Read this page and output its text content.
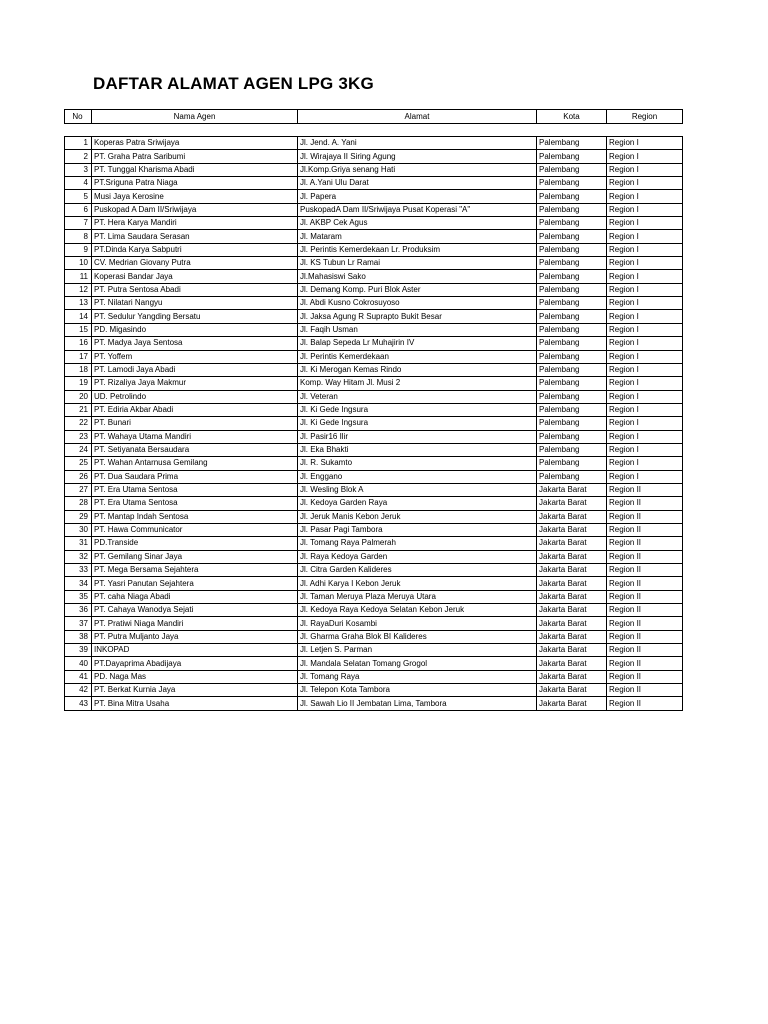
DAFTAR ALAMAT AGEN LPG 3KG
No	Nama Agen	Alamat	Kota	Region
1	Koperas Patra Sriwijaya	Jl. Jend. A. Yani	Palembang	Region I
2	PT. Graha Patra Saribumi	Jl. Wirajaya II Siring Agung	Palembang	Region I
3	PT. Tunggal Kharisma Abadi	Jl.Komp.Griya senang Hati	Palembang	Region I
4	PT.Sriguna Patra Niaga	Jl. A.Yani Ulu Darat	Palembang	Region I
5	Musi Jaya Kerosine	Jl. Papera	Palembang	Region I
6	Puskopad A Dam II/Sriwijaya	PuskopadA Dam II/Sriwijaya Pusat Koperasi "A"	Palembang	Region I
7	PT. Hera Karya Mandiri	Jl. AKBP Cek Agus	Palembang	Region I
8	PT. Lima Saudara Serasan	Jl. Mataram	Palembang	Region I
9	PT.Dinda Karya Sabputri	Jl. Perintis Kemerdekaan Lr. Produksim	Palembang	Region I
10	CV. Medrian Giovany Putra	Jl. KS Tubun Lr Ramai	Palembang	Region I
11	Koperasi Bandar Jaya	Jl.Mahasiswi Sako	Palembang	Region I
12	PT. Putra Sentosa Abadi	Jl. Demang Komp. Puri Blok Aster	Palembang	Region I
13	PT. Nilatari Nangyu	Jl. Abdi Kusno Cokrosuyoso	Palembang	Region I
14	PT. Sedulur Yangding Bersatu	Jl. Jaksa Agung R Suprapto Bukit Besar	Palembang	Region I
15	PD. Migasindo	Jl. Faqih Usman	Palembang	Region I
16	PT. Madya Jaya Sentosa	Jl. Balap Sepeda Lr Muhajirin IV	Palembang	Region I
17	PT. Yoffem	Jl. Perintis Kemerdekaan	Palembang	Region I
18	PT. Lamodi Jaya Abadi	Jl. Ki Merogan Kemas Rindo	Palembang	Region I
19	PT. Rizaliya Jaya Makmur	Komp. Way Hitam Jl. Musi 2	Palembang	Region I
20	UD. Petrolindo	Jl. Veteran	Palembang	Region I
21	PT. Ediria Akbar Abadi	Jl. Ki Gede Ingsura	Palembang	Region I
22	PT. Bunari	Jl. Ki Gede Ingsura	Palembang	Region I
23	PT. Wahaya Utama Mandiri	Jl. Pasir16 Ilir	Palembang	Region I
24	PT. Setiyanata Bersaudara	Jl. Eka Bhakti	Palembang	Region I
25	PT. Wahan Antarnusa Gemilang	Jl. R. Sukamto	Palembang	Region I
26	PT. Dua Saudara Prima	Jl. Enggano	Palembang	Region I
27	PT. Era Utama Sentosa	Jl. Wesling Blok A	Jakarta Barat	Region II
28	PT. Era Utama Sentosa	Jl. Kedoya Garden Raya	Jakarta Barat	Region II
29	PT. Mantap Indah Sentosa	Jl. Jeruk Manis Kebon Jeruk	Jakarta Barat	Region II
30	PT. Hawa Communicator	Jl. Pasar Pagi Tambora	Jakarta Barat	Region II
31	PD.Transide	Jl. Tomang Raya Palmerah	Jakarta Barat	Region II
32	PT. Gemilang Sinar Jaya	Jl. Raya Kedoya Garden	Jakarta Barat	Region II
33	PT. Mega Bersama Sejahtera	Jl. Citra Garden Kalideres	Jakarta Barat	Region II
34	PT. Yasri Panutan Sejahtera	Jl. Adhi Karya I Kebon Jeruk	Jakarta Barat	Region II
35	PT. caha Niaga Abadi	Jl. Taman Meruya Plaza Meruya Utara	Jakarta Barat	Region II
36	PT. Cahaya Wanodya Sejati	Jl. Kedoya Raya Kedoya Selatan Kebon Jeruk	Jakarta Barat	Region II
37	PT. Pratiwi Niaga Mandiri	Jl. RayaDuri Kosambi	Jakarta Barat	Region II
38	PT. Putra Muljanto Jaya	Jl. Gharma Graha Blok BI Kalideres	Jakarta Barat	Region II
39	INKOPAD	Jl. Letjen S. Parman	Jakarta Barat	Region II
40	PT.Dayaprima Abadijaya	Jl. Mandala Selatan Tomang Grogol	Jakarta Barat	Region II
41	PD. Naga Mas	Jl. Tomang Raya	Jakarta Barat	Region II
42	PT. Berkat Kurnia Jaya	Jl. Telepon Kota Tambora	Jakarta Barat	Region II
43	PT. Bina Mitra Usaha	Jl. Sawah Lio II Jembatan Lima, Tambora	Jakarta Barat	Region II
